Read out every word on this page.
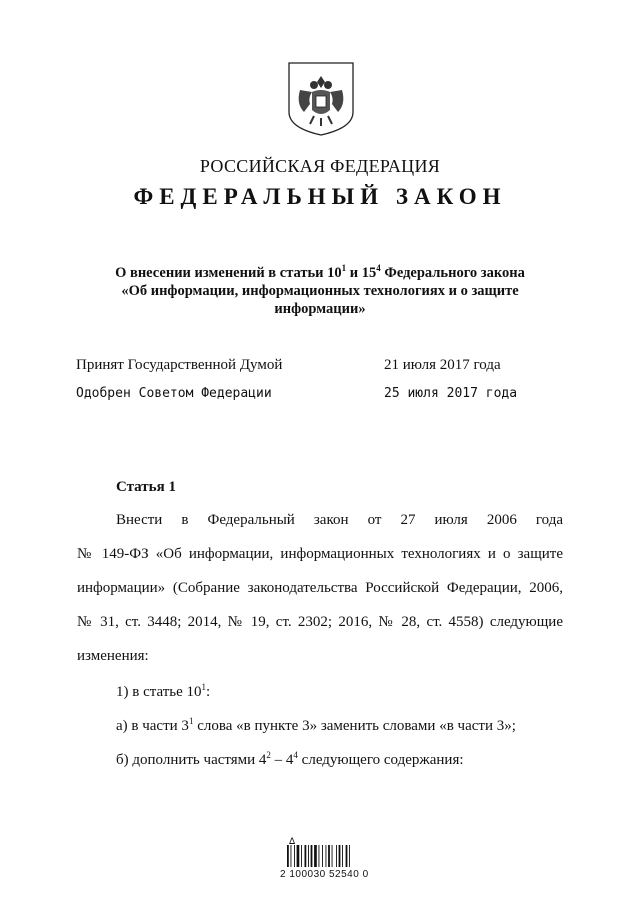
РОССИЙСКАЯ ФЕДЕРАЦИЯ
ФЕДЕРАЛЬНЫЙ ЗАКОН

О внесении изменений в статьи $10^1$ и $15^4$ Федерального закона

«Об информации, информационных технологиях и о защите

информации»

Принят Государственной Думой	21 июля 2017 года
Одобрен Советом Федерации	25 июля 2017 года
Статья 1
Внести в Федеральный закон от 27 июля 2006 года
№ 149-ФЗ «Об информации, информационных технологиях и о защите
информации» (Собрание законодательства Российской Федерации, 2006,
№ 31, ст. 3448; 2014, № 19, ст. 2302; 2016, № 28, ст. 4558) следующие
изменения:
1) в статье $10^1$:
а) в части $3^1$ слова «в пункте 3» заменить словами «в части 3»;
б) дополнить частями $4^2 - 4^4$ следующего содержания:
ᐃ
2 100030 52540 0
